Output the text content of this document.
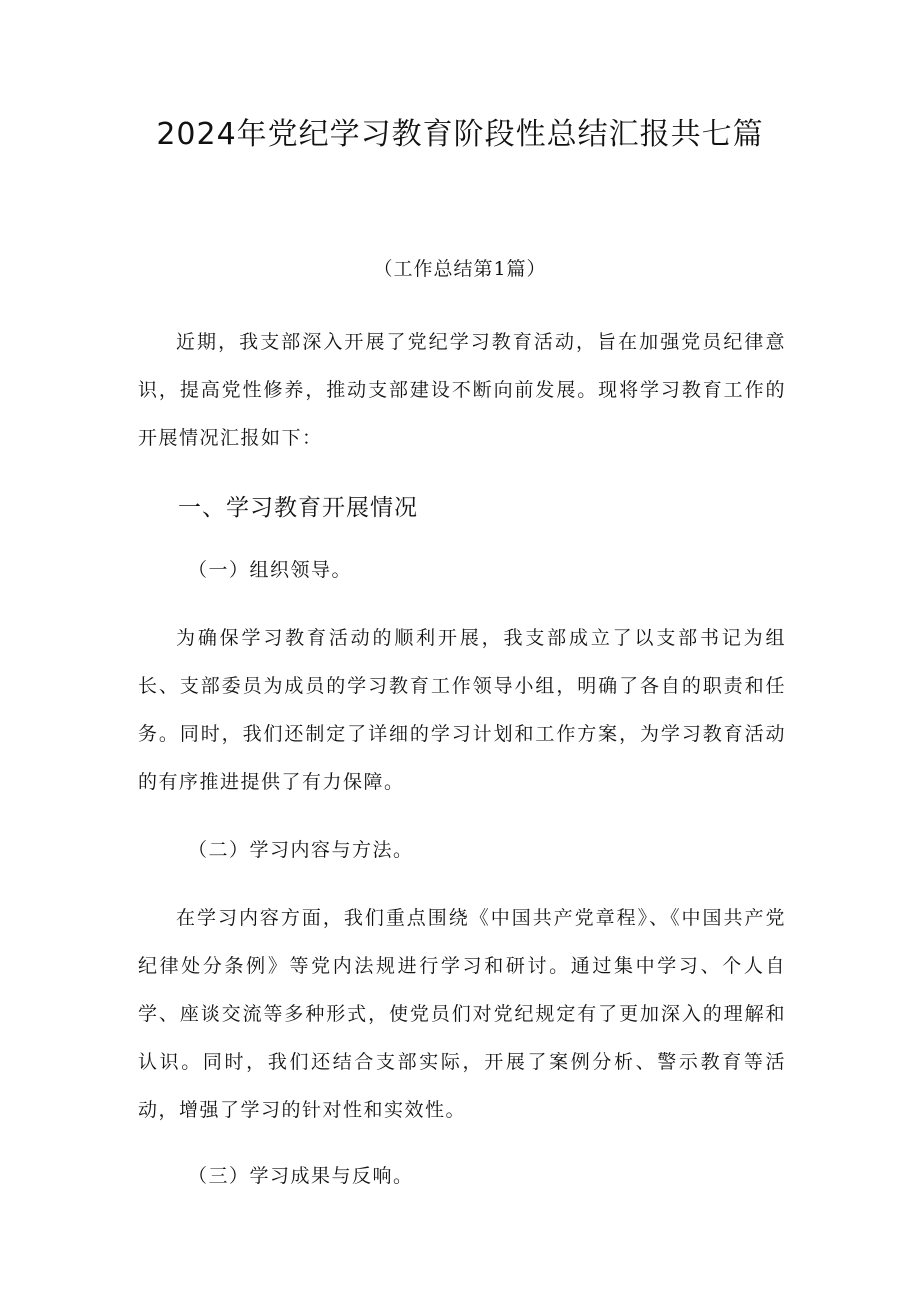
2024年党纪学习教育阶段性总结汇报共七篇
（工作总结第1篇）

近期，我支部深入开展了党纪学习教育活动，旨在加强党员纪律意识，提高党性修养，推动支部建设不断向前发展。现将学习教育工作的开展情况汇报如下：

一、学习教育开展情况
（一）组织领导。

为确保学习教育活动的顺利开展，我支部成立了以支部书记为组长、支部委员为成员的学习教育工作领导小组，明确了各自的职责和任务。同时，我们还制定了详细的学习计划和工作方案，为学习教育活动的有序推进提供了有力保障。

（二）学习内容与方法。

在学习内容方面，我们重点围绕《中国共产党章程》、《中国共产党纪律处分条例》等党内法规进行学习和研讨。通过集中学习、个人自学、座谈交流等多种形式，使党员们对党纪规定有了更加深入的理解和认识。同时，我们还结合支部实际，开展了案例分析、警示教育等活动，增强了学习的针对性和实效性。

（三）学习成果与反响。
